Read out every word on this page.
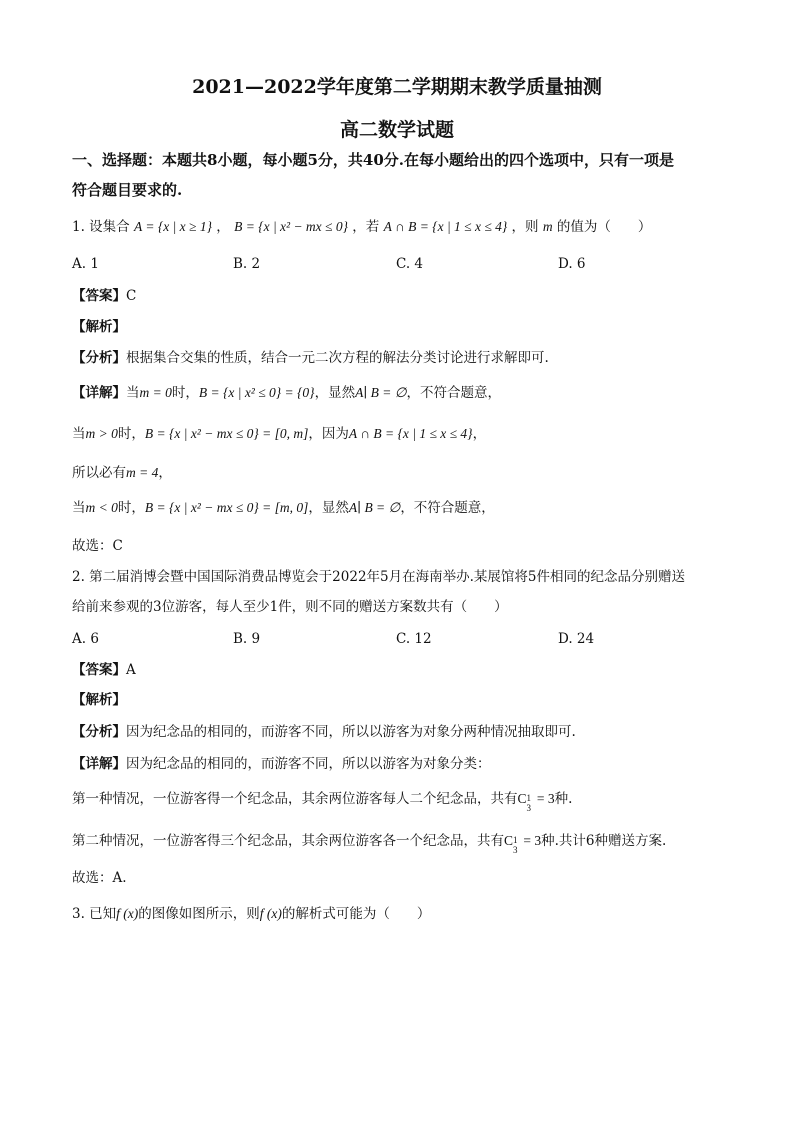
2021—2022学年度第二学期期末教学质量抽测
高二数学试题
一、选择题：本题共8小题，每小题5分，共40分.在每小题给出的四个选项中，只有一项是
符合题目要求的.
1. 设集合 A = {x | x ≥ 1} ， B = {x | x² − mx ≤ 0} ，若 A ∩ B = {x | 1 ≤ x ≤ 4} ，则 m 的值为（　　）
A. 1	B. 2	C. 4	D. 6
【答案】C
【解析】
【分析】根据集合交集的性质，结合一元二次方程的解法分类讨论进行求解即可.
【详解】当m = 0时，B = {x | x² ≤ 0} = {0}，显然A∣ B = ∅，不符合题意，
当m > 0时，B = {x | x² − mx ≤ 0} = [0, m]，因为A ∩ B = {x | 1 ≤ x ≤ 4}，
所以必有m = 4，
当m < 0时，B = {x | x² − mx ≤ 0} = [m, 0]，显然A∣ B = ∅，不符合题意，
故选：C
2. 第二届消博会暨中国国际消费品博览会于2022年5月在海南举办.某展馆将5件相同的纪念品分别赠送
给前来参观的3位游客，每人至少1件，则不同的赠送方案数共有（　　）
A. 6	B. 9	C. 12	D. 24
【答案】A
【解析】
【分析】因为纪念品的相同的，而游客不同，所以以游客为对象分两种情况抽取即可.
【详解】因为纪念品的相同的，而游客不同，所以以游客为对象分类：
第一种情况，一位游客得一个纪念品，其余两位游客每人二个纪念品，共有C 1
3
= 3种.
第二种情况，一位游客得三个纪念品，其余两位游客各一个纪念品，共有C 1
3
= 3种.共计6种赠送方案.
故选：A.
3. 已知f (x)的图像如图所示，则f (x)的解析式可能为（　　）
